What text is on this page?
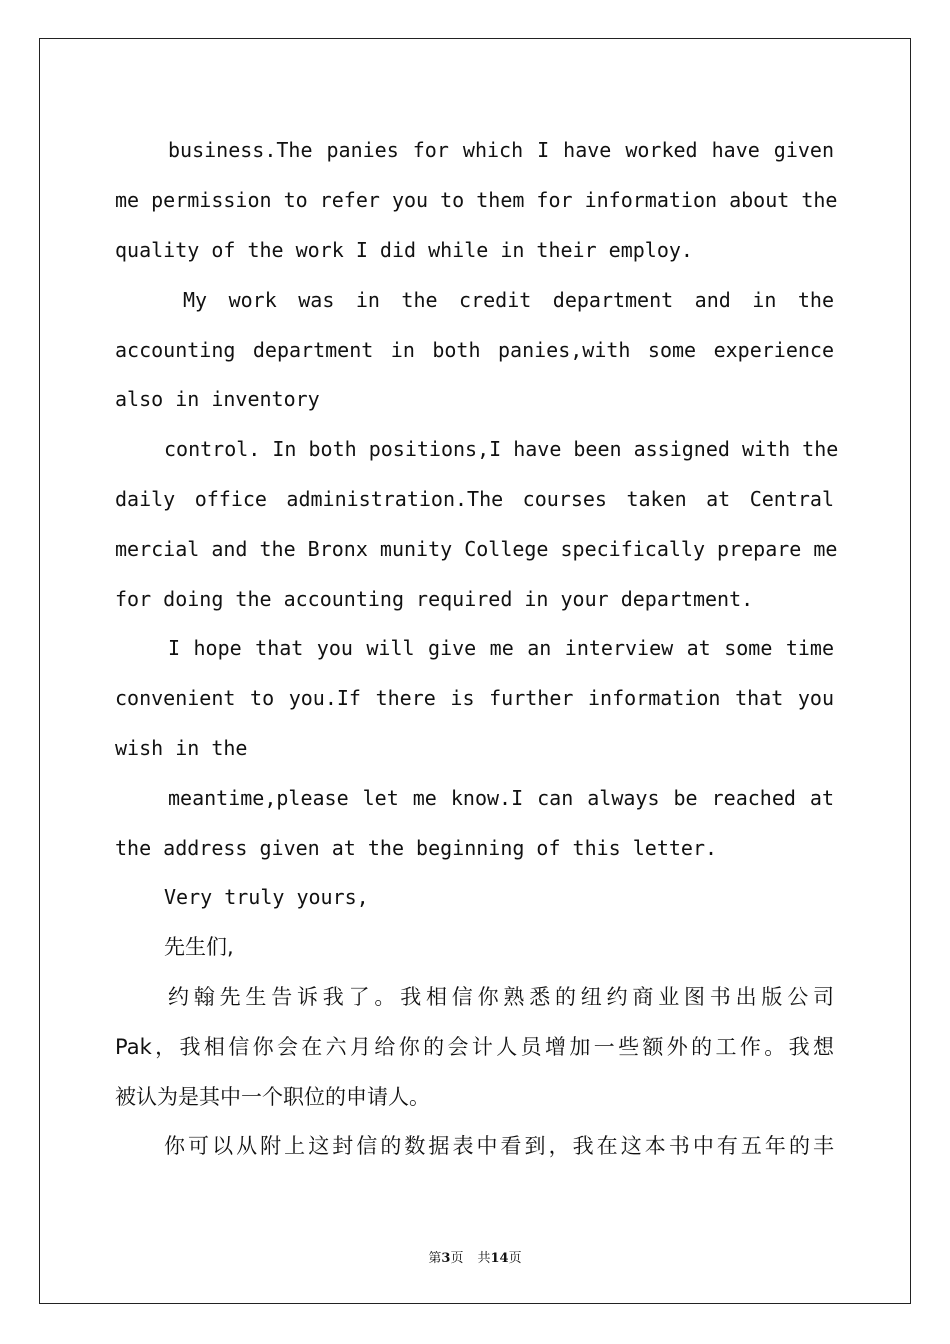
business.The panies for which I have worked have given
me permission to refer you to them for information about the
quality of the work I did while in their employ.
My work was in the credit department and in the
accounting department in both panies,with some experience
also in inventory
control. In both positions,I have been assigned with the
daily office administration.The courses taken at Central
mercial and the Bronx munity College specifically prepare me
for doing the accounting required in your department.
I hope that you will give me an interview at some time
convenient to you.If there is further information that you
wish in the
meantime,please let me know.I can always be reached at
the address given at the beginning of this letter.
Very truly yours,
先生们,
约翰先生告诉我了。我相信你熟悉的纽约商业图书出版公司
Pak，我相信你会在六月给你的会计人员增加一些额外的工作。我想
被认为是其中一个职位的申请人。
你可以从附上这封信的数据表中看到，我在这本书中有五年的丰
第3页 共14页
